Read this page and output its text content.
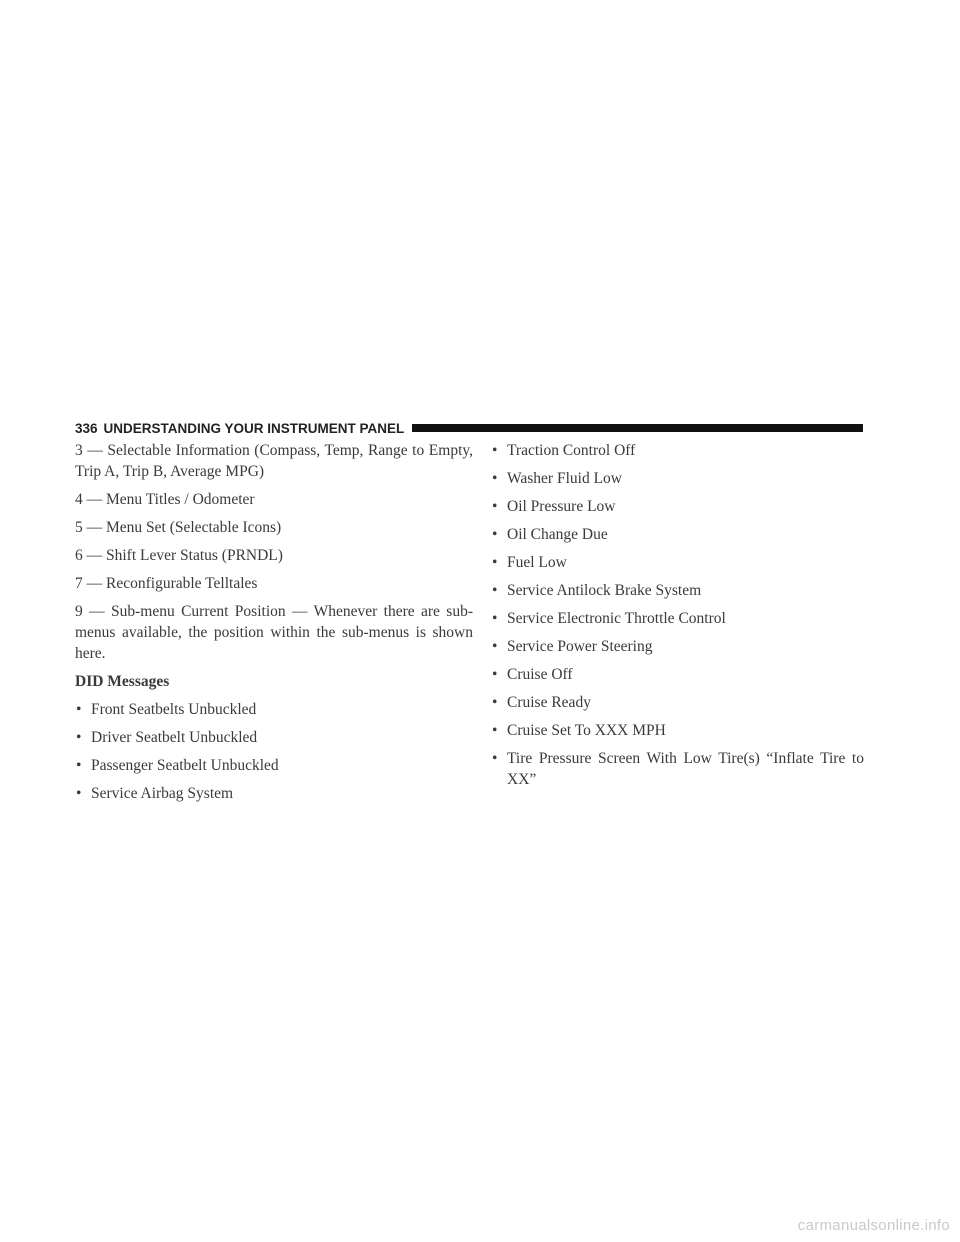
336 UNDERSTANDING YOUR INSTRUMENT PANEL

3 — Selectable Information (Compass, Temp, Range to Empty, Trip A, Trip B, Average MPG)

4 — Menu Titles / Odometer

5 — Menu Set (Selectable Icons)

6 — Shift Lever Status (PRNDL)

7 — Reconfigurable Telltales

9 — Sub-menu Current Position — Whenever there are sub-menus available, the position within the sub-menus is shown here.

DID Messages

• Front Seatbelts Unbuckled
• Driver Seatbelt Unbuckled
• Passenger Seatbelt Unbuckled
• Service Airbag System
• Traction Control Off
• Washer Fluid Low
• Oil Pressure Low
• Oil Change Due
• Fuel Low
• Service Antilock Brake System
• Service Electronic Throttle Control
• Service Power Steering
• Cruise Off
• Cruise Ready
• Cruise Set To XXX MPH
• Tire Pressure Screen With Low Tire(s) “Inflate Tire to XX”
carmanualsonline.info
